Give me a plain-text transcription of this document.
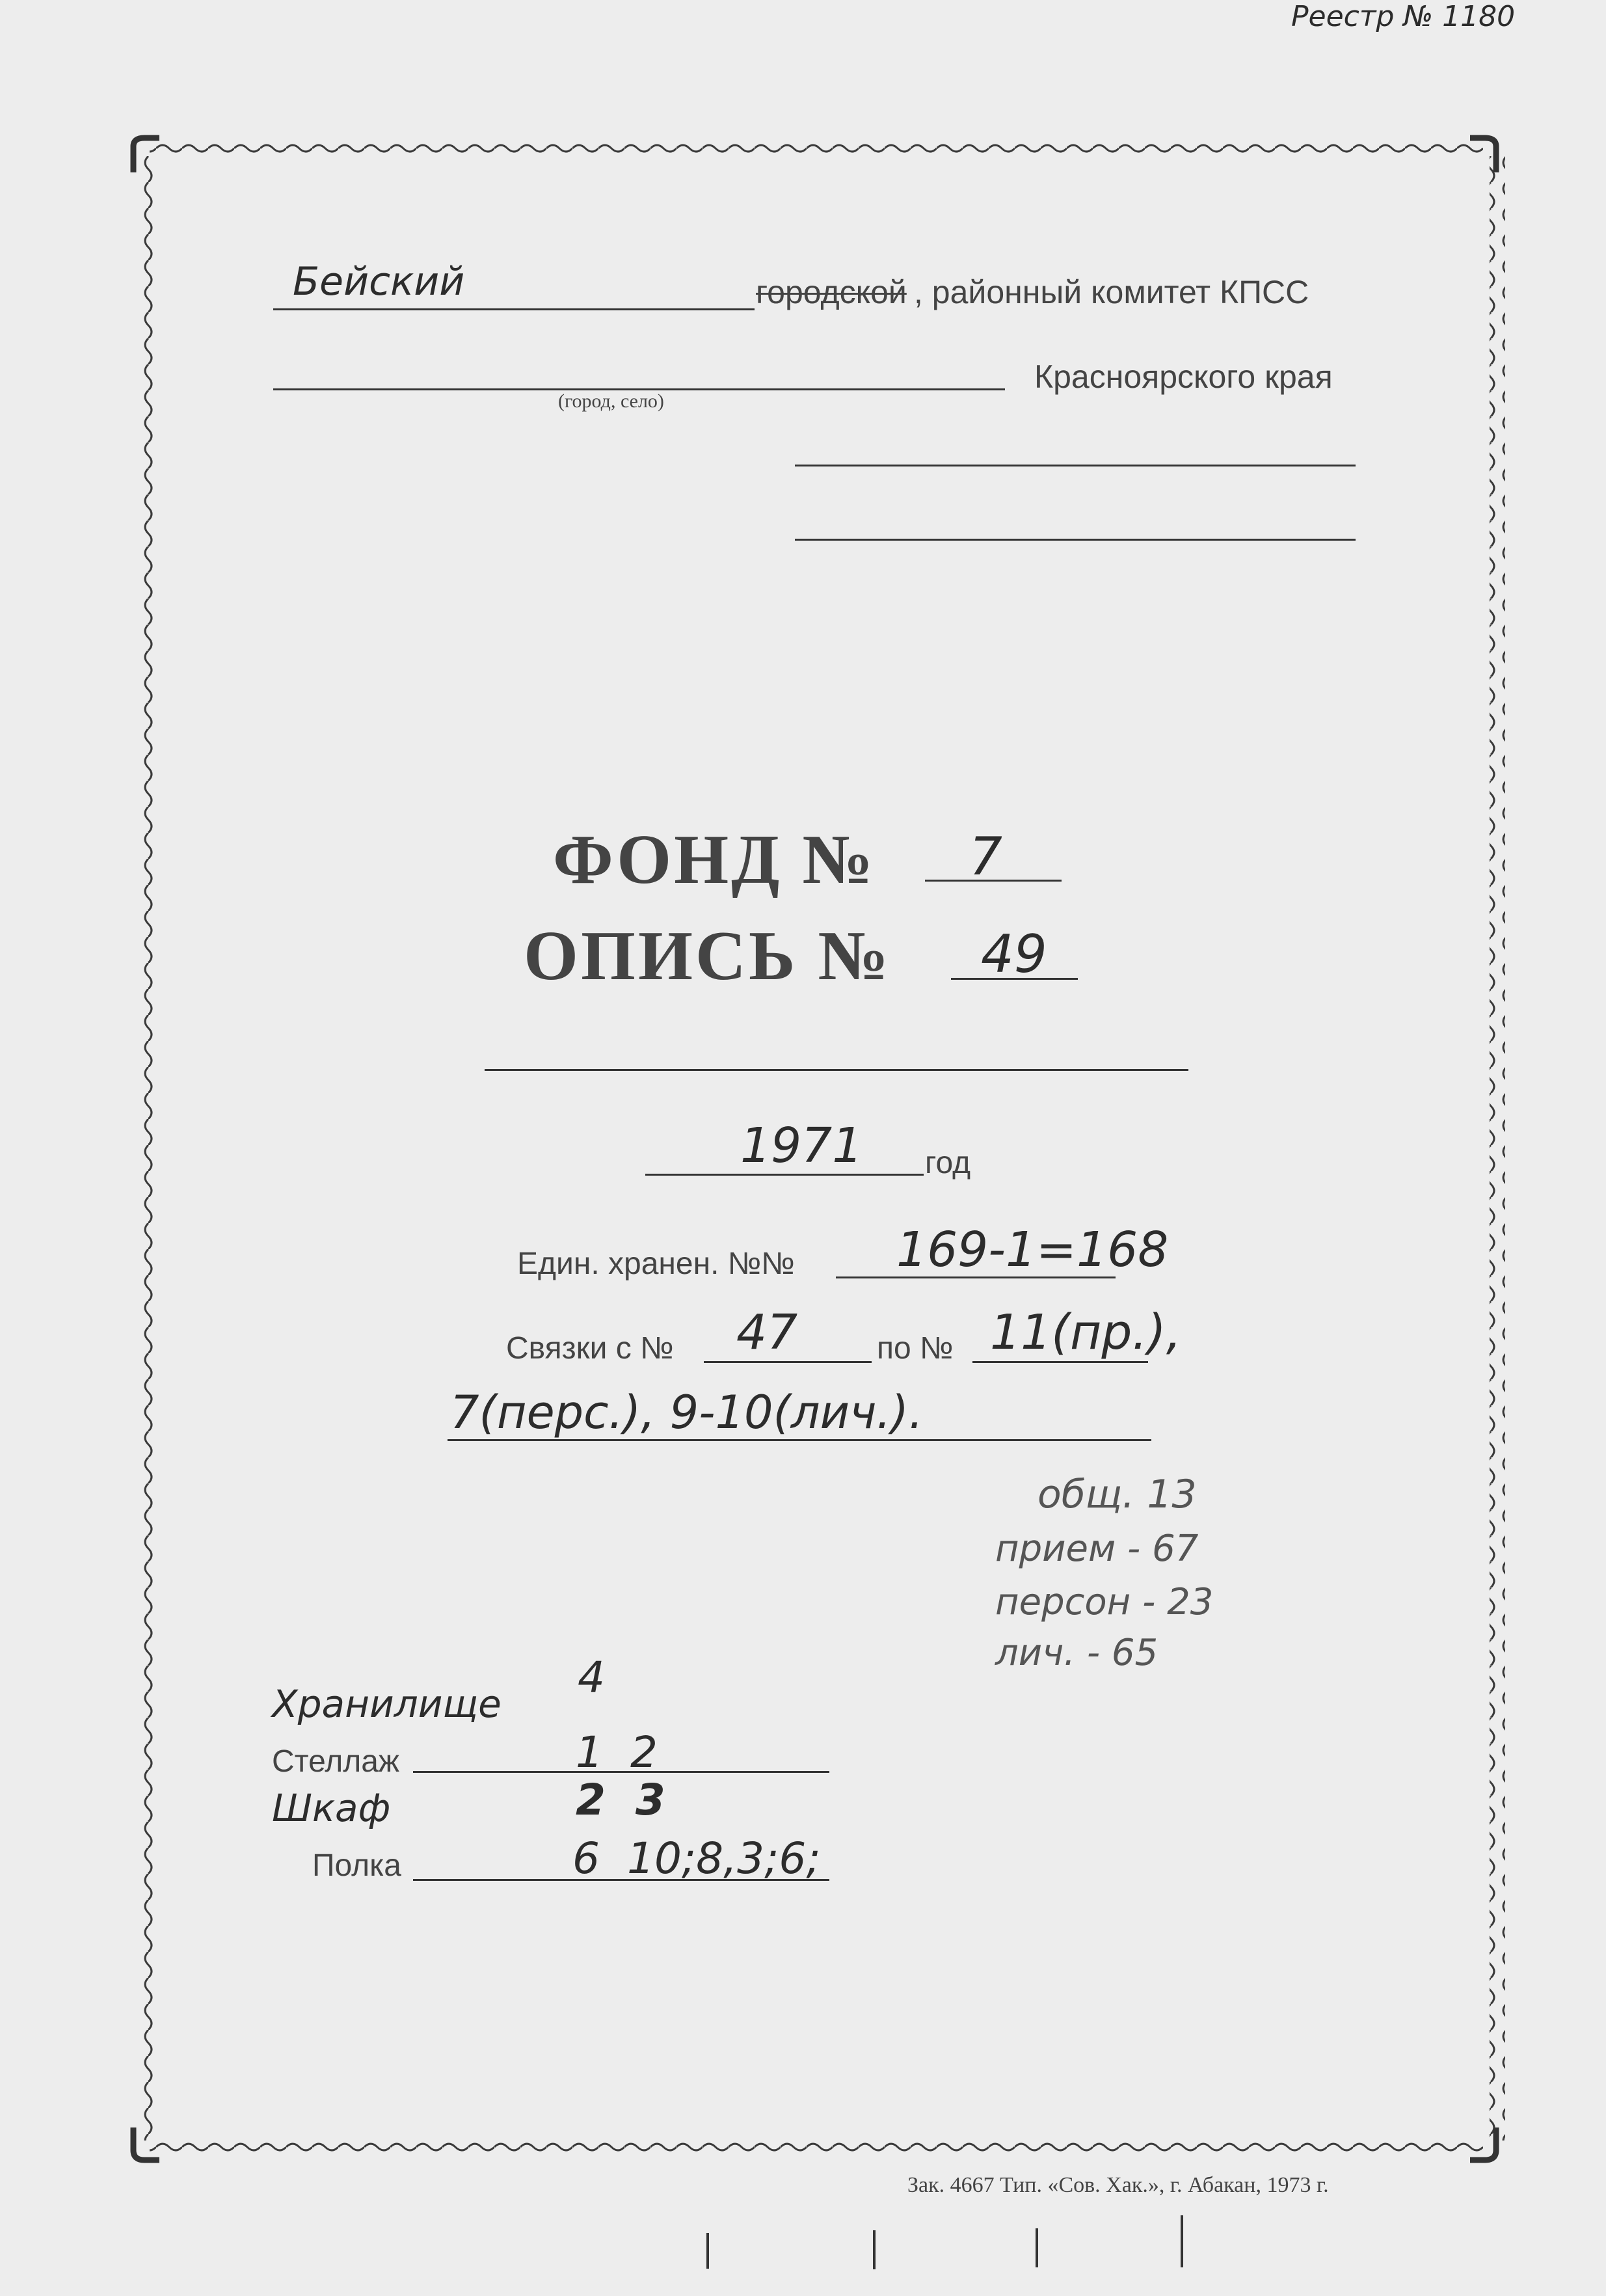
Реестр № 1180
Бейский	городской , районный комитет КПСС
(город, село)
Красноярского края
ФОНД № 7
ОПИСЬ № 49
1971 год
Един. хранен. №№ 169-1=168
Связки с № 47	по № 11(пр.),
7(перс.), 9-10(лич.).
общ. 13
прием - 67
персон - 23
лич. - 65
Хранилище
4
Стеллаж	1  2
Шкаф	2  3
Полка	6  10;8,3;6;
Зак. 4667 Тип. «Сов. Хак.», г. Абакан, 1973 г.
